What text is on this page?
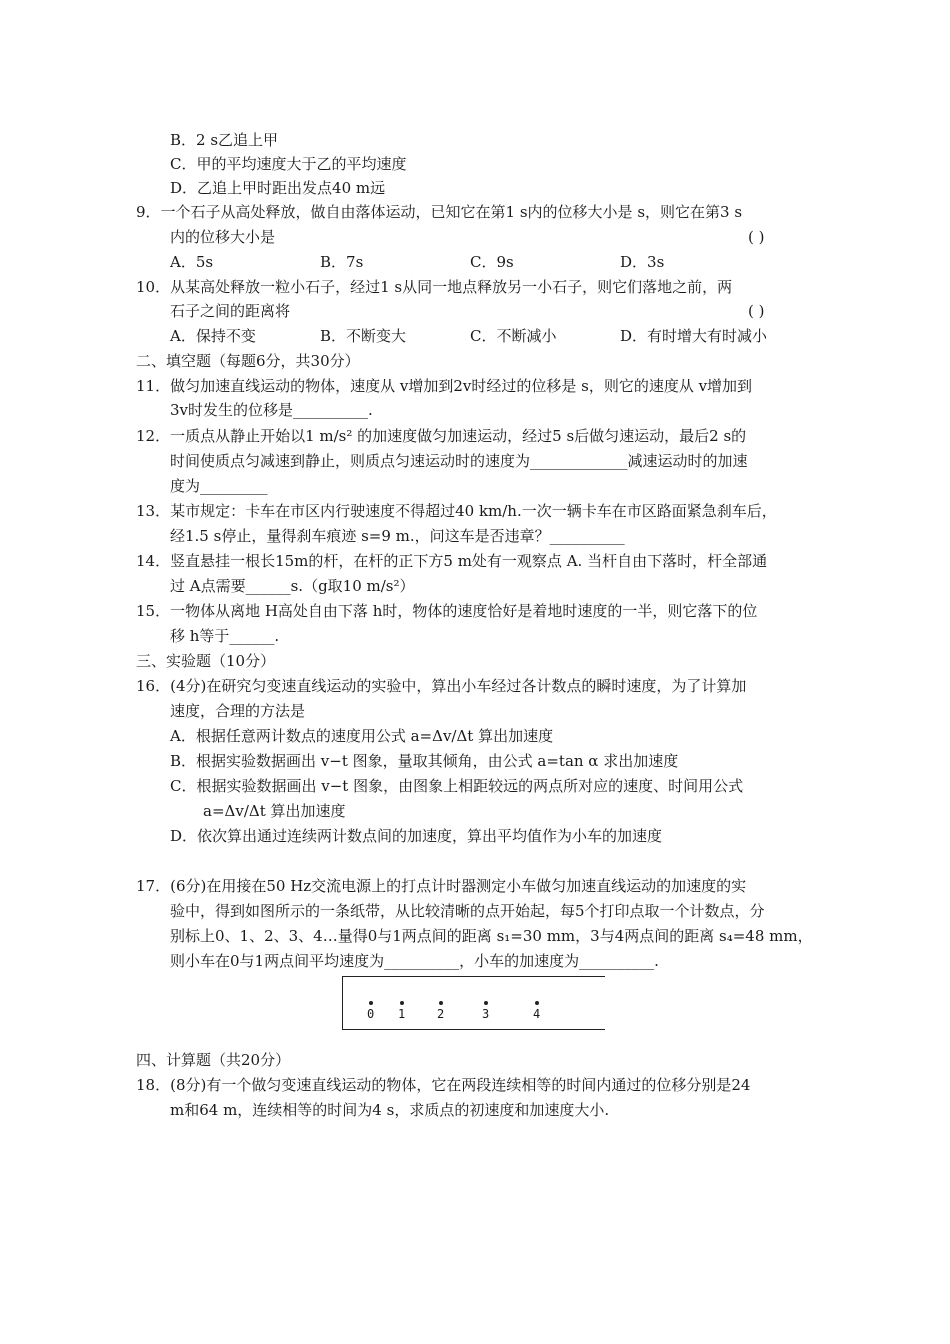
B．2 s乙追上甲
C．甲的平均速度大于乙的平均速度
D．乙追上甲时距出发点40 m远
9．一个石子从高处释放，做自由落体运动，已知它在第1 s内的位移大小是 s，则它在第3 s
内的位移大小是	( )
A．5s	B．7s	C．9s	D．3s
10．从某高处释放一粒小石子，经过1 s从同一地点释放另一小石子，则它们落地之前，两
石子之间的距离将	( )
A．保持不变	B．不断变大	C．不断减小	D．有时增大有时减小
二、填空题（每题6分，共30分）
11．做匀加速直线运动的物体，速度从 v增加到2v时经过的位移是 s，则它的速度从 v增加到
3v时发生的位移是__________.
12．一质点从静止开始以1 m/s² 的加速度做匀加速运动，经过5 s后做匀速运动，最后2 s的
时间使质点匀减速到静止，则质点匀速运动时的速度为_____________减速运动时的加速
度为_________
13．某市规定：卡车在市区内行驶速度不得超过40 km/h.一次一辆卡车在市区路面紧急刹车后，
经1.5 s停止，量得刹车痕迹 s=9 m.，问这车是否违章？__________
14．竖直悬挂一根长15m的杆，在杆的正下方5 m处有一观察点 A. 当杆自由下落时，杆全部通
过 A点需要______s.（g取10 m/s²）
15．一物体从离地 H高处自由下落 h时，物体的速度恰好是着地时速度的一半，则它落下的位
移 h等于______.
三、实验题（10分）
16．(4分)在研究匀变速直线运动的实验中，算出小车经过各计数点的瞬时速度，为了计算加
速度，合理的方法是
A．根据任意两计数点的速度用公式 a=Δv/Δt 算出加速度
B．根据实验数据画出 v−t 图象，量取其倾角，由公式 a=tan α 求出加速度
C．根据实验数据画出 v−t 图象，由图象上相距较远的两点所对应的速度、时间用公式
a=Δv/Δt 算出加速度
D．依次算出通过连续两计数点间的加速度，算出平均值作为小车的加速度
17．(6分)在用接在50 Hz交流电源上的打点计时器测定小车做匀加速直线运动的加速度的实
验中，得到如图所示的一条纸带，从比较清晰的点开始起，每5个打印点取一个计数点，分
别标上0、1、2、3、4…量得0与1两点间的距离 s₁=30 mm，3与4两点间的距离 s₄=48 mm，
则小车在0与1两点间平均速度为__________，小车的加速度为__________.
0 1	2	3	4
四、计算题（共20分）
18．(8分)有一个做匀变速直线运动的物体，它在两段连续相等的时间内通过的位移分别是24
m和64 m，连续相等的时间为4 s，求质点的初速度和加速度大小.
